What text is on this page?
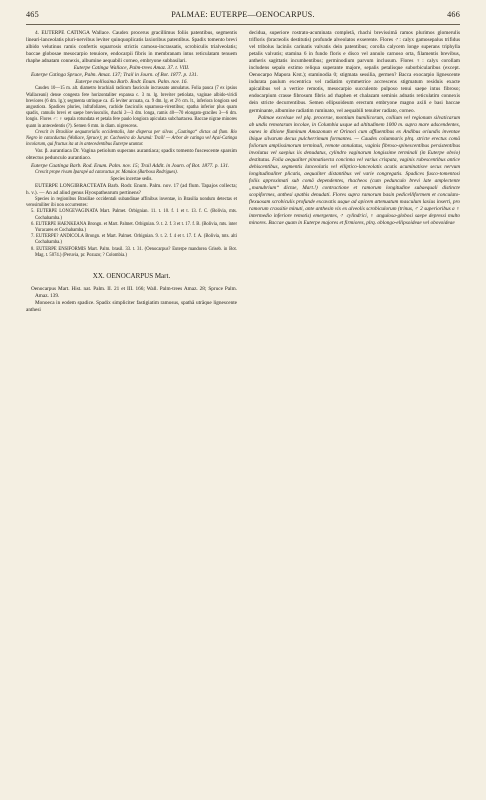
465	PALMAE: EUTERPE—OENOCARPUS.	466

4. EUTERPE CATINGA Wallace. Caudex procerus gracillimus foliis patentibus, segmentis lineari-lanceolatis pluri-nervibus leviter quinquoplicatis laxioribus patentibus. Spadix tomento brevi albido velutinus ramis confertis squarrosis strictis carnoso-incrassatis, scrobiculis trialveolatis; baccae globosae mesocarpio tenuiore, endocarpii fibris in membranam intus reticulatam tenuem rhaphe adnatam connexis, albumine aequabili corneo, embryone subbasilari.

Euterpe Catinga Wallace, Palm-trees Amaz. 37. t. VIII.

Euterpe Catinga Spruce, Palm. Amaz. 137; Trail in Journ. of Bot. 1877. p. 131.

Euterpe mollissima Barb. Rodr. Enum. Palm. nov. 16.

Caudex 10—15 m. alt. diametro brachiali radicum fasciculo incrassato annulatus. Folia pauca (7 ex ipsius Wallaceani) dense congesta fere horizontaliter expansa c. 3 m. lg. breviter petiolata, vaginae albido-viridi breviores (6 dm. lg.); segmenta utrinque ca. 45 leviter arcuata, ca. 9 dm. lg. et 2½ cm. lt., inferiora longiora sed angustiora. Spadices pluries, infrafoliares, rachide fasciculis squamosa-virentibus; spatha inferior plus quam spadix, ramulis brevi et saepe breviusculis, rhachi 2—3 dm. longa, ramis 40—70 elongato-graciles 3—6 dm. longis. Flores ♂: ♀ sepala rotundata et petala fere paulo longiora apiculata subchartacea. Baccae nigrae minores quam in antecedentis (?). Semen 6 mm. in diam. nigrescens.

Crescit in Brasiliae aequatorialis occidentalis, late dispersa per silvas „Caatinga“ dictas ad flum. Rio Negro in catacductus (Wallace, Spruce); pr. Cachoeira do Jurumá: Trail! — Arbor de catinga vel Açai-Catinga incolarum, qui fructus ita ut in antecedentibus Euterpe utuntur.

Var. β. aurantiaca Dr. Vagina petiolum superans aurantiaca; spadix tomento fuscescente sparsim obtectus pedunculo aurantiaco.

Euterpe Caatinga Barb. Rod. Enum. Palm. nov. 15; Trail Addit. in Journ. of Bot. 1877. p. 131.

Crescit prope rivum Iparapé ad cataractus pr. Manáos (Barbosa Rodrigues).

Species incertae sedis.

EUTERPE LONGIBRACTEATA Barb. Rodr. Enum. Palm. nov. 17 (ad flum. Tapajos collecta; h. v.). — An ad aliud genus Hyospathearum pertinens?

Species in regionibus Brasiliae occidentali subandinae affinibus inventae, in Brasilia nondum detectas et verosimiliter ibi non occurrentes:

5. EUTERPE LONGEVAGINATA Mart. Palmet. Orbignian. 11. t. 10. f. 1 et t. 13. f. C. (Bolivia, mts. Cochabamba.)

6. EUTERPE HAENKEANA Brongn. et Mart. Palmet. Orbignian. 9. t. 2. f. 3 et t. 17. f. B. (Bolivia, mts. inter Yuracares et Cochabamba.)

7. EUTERPE? ANDICOLA Brongn. et Mart. Palmet. Orbignian. 9. t. 2. f. 4 et t. 17. f. A. (Bolivia, mts. alti Cochabamba.)

8. EUTERPE ENSIFORMIS Mart. Palm. brasil. 33. t. 31. (Oenocarpus? Euterpe mandorea Griseb. in Bot. Mag. t. 5074.) (Peruvia, pr. Pozuzo; ? Colombia.)

XX. OENOCARPUS Mart.

Oenocarpus Mart. Hist. nat. Palm. II. 21 et III. 166; Wall. Palm-trees Amaz. 28; Spruce Palm. Amaz. 139.

Monoeca in eodem spadice. Spadix simpliciter fastigiatim ramosus, spathā utrāque lignescente anthesi

decidua, superiore rostrato-acuminata completā, rhachi brevissimā ramos plurimos glomerulis trifloris (bracteolis destitutis) profunde alveolatos exserente. Flores ♂: calyx gamosepalus trifidus vel tribolus laciniis carinatis valvatis dein patentibus; corolla calycem longe superans triphylla petalis valvatis; stamina 6 in fundo floris e disco vel annulo carnoso orta, filamentis brevibus, antheris sagittatis incumbentibus; germinodium parvum inclusum. Flores ♀: calyx corollam includens sepalo extimo reliqua superante majore, sepalis petalisque suborbicularibus (except. Oenocarpo Mapora Krst.); staminodia 0; stigmata sessilia, germen? Bacca exocarpio lignescente indurata paulum excentrica vel radiatim symmetrice accrescens stigmatum residuis exacte apicalibus vel a vertice remotis, mesocarpio succulento pulposo tenui saepe intus fibroso; endocarpium crasse fibrosum fibris ad rhaphen et chalazam seminis adnatis reticulatim connexis dein stricte decurrentibus. Semen ellipsoideum erectum embryone magno axili e basi baccae germinante, albumine radiatim ruminato, vel aequabili tenuiter radiato, corneo.

Palmae excelsae vel plq. procerae, montium humilicorum, collium vel regionum silvaticarum ab undis remotarum incolae, in Columbia usque ad altitudinem 1000 m. supra mare adscendentes, ounes in ditione fluminum Amazonum et Orinoci cum affluentibus ex Andibus oriundis inventae ibique silvarum decus pulcherrimum formantes. — Caudex columnaris plrq. stricte erectus comā foliorum amplissimorum terminali, remote annulatus, vaginis fibroso-spinescentibus persistentibus involutus vel saepius iis denudatus, cylindro vaginarum longissime terminali (in Euterpe obvio) destitutus. Folia aequaliter pinnatisecta concinna vel varius crispata, vaginis rubescentibus antice dehiscentibus, segmentis lanceolatis vel elliptico-lanceolatis acutis acuminatisve secus nervum longitudinaliter plicatis, aequaliter distantibus vel varie congregatis. Spadices fusco-tomentosi foliis approximati sub comā dependentes, rhacheos (cum pedunculo brevi late amplectente „manubrium“ dictae, Mart.!) contractione et ramorum longitudine subaequali distincte scopiformes, anthesi spathis denudati. Flores supra ramorum basin pedicelliformem et conculato-flexuosam scrobiculis profunde excavatis usque ad apicem attenuatum masculum laxius inserti, pro ramorum crassitie minuti, ante anthesin vix ex alveolis scrobiculorum (trinus, ♂ 2 superioribus a ♀ intermedio inferiore remotis) emergentes, ♂ cylindrici, ♀ angulosa-globosi saepe depressi multo minores. Baccae quam in Euterpe majores et firmiores, plrq. oblongo-ellipsoideae vel obovoideae
